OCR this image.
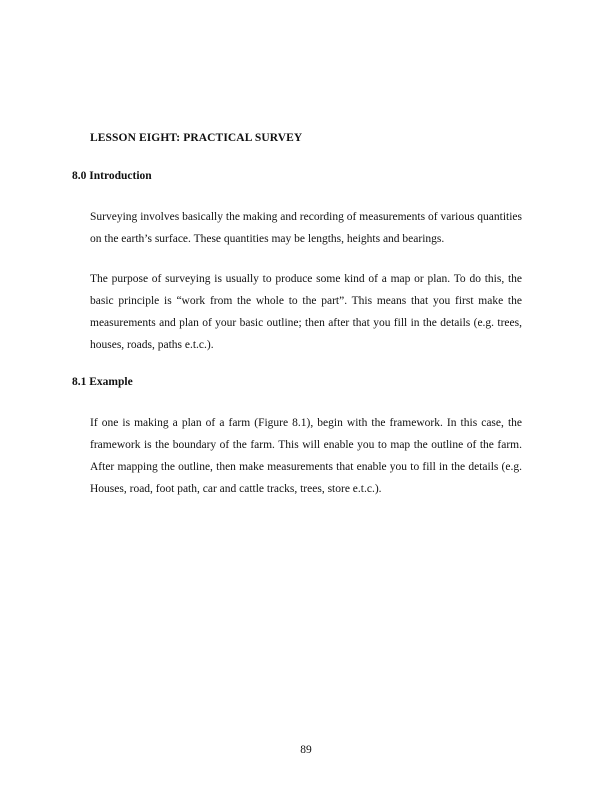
LESSON EIGHT: PRACTICAL SURVEY
8.0 Introduction

Surveying involves basically the making and recording of measurements of various quantities on the earth’s surface. These quantities may be lengths, heights and bearings.

The purpose of surveying is usually to produce some kind of a map or plan. To do this, the basic principle is “work from the whole to the part”. This means that you first make the measurements and plan of your basic outline; then after that you fill in the details (e.g. trees, houses, roads, paths e.t.c.).

8.1 Example

If one is making a plan of a farm (Figure 8.1), begin with the framework. In this case, the framework is the boundary of the farm. This will enable you to map the outline of the farm. After mapping the outline, then make measurements that enable you to fill in the details (e.g. Houses, road, foot path, car and cattle tracks, trees, store e.t.c.).

89
